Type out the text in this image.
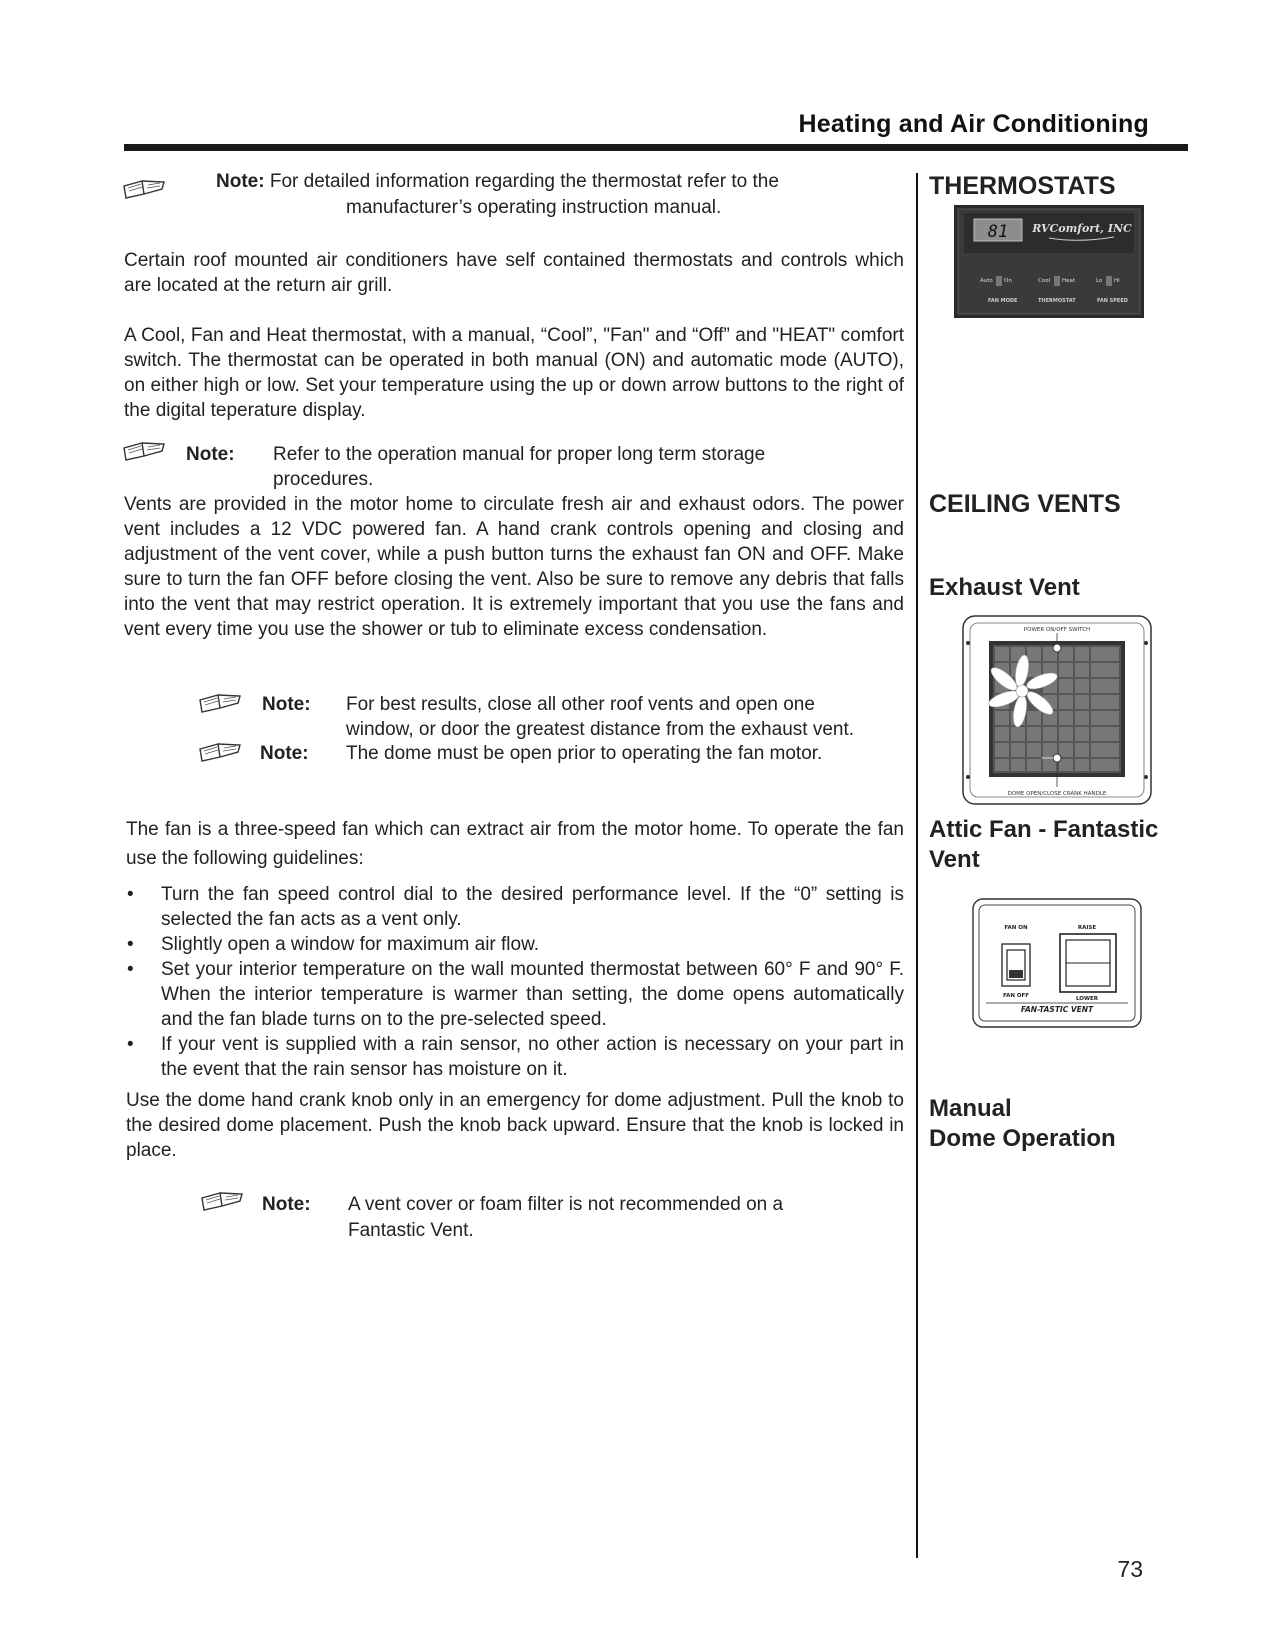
Heating and Air Conditioning
Note: For detailed information regarding the thermostat refer to the
manufacturer’s operating instruction manual.
Certain roof mounted air conditioners have self contained thermostats and controls which are located at the return air grill.
A Cool, Fan and Heat thermostat, with a manual, “Cool”, "Fan" and “Off” and "HEAT" comfort switch. The thermostat can be operated in both manual (ON) and automatic mode (AUTO), on either high or low. Set your temperature using the up or down arrow buttons to the right of the digital teperature display.
Note: Refer to the operation manual for proper long term storage
procedures.
Vents are provided in the motor home to circulate fresh air and exhaust odors. The power vent includes a 12 VDC powered fan. A hand crank controls opening and closing and adjustment of the vent cover, while a push button turns the exhaust fan ON and OFF. Make sure to turn the fan OFF before closing the vent. Also be sure to remove any debris that falls into the vent that may restrict operation. It is extremely important that you use the fans and vent every time you use the shower or tub to eliminate excess condensation.
Note: For best results, close all other roof vents and open one
window, or door the greatest distance from the exhaust vent.
Note: The dome must be open prior to operating the fan motor.
The fan is a three-speed fan which can extract air from the motor home. To operate the fan use the following guidelines:
• Turn the fan speed control dial to the desired performance level. If the “0” setting is selected the fan acts as a vent only.
• Slightly open a window for maximum air flow.
• Set your interior temperature on the wall mounted thermostat between 60° F and 90° F. When the interior temperature is warmer than setting, the dome opens automatically and the fan blade turns on to the pre-selected speed.
• If your vent is supplied with a rain sensor, no other action is necessary on your part in the event that the rain sensor has moisture on it.
Use the dome hand crank knob only in an emergency for dome adjustment. Pull the knob to the desired dome placement. Push the knob back upward. Ensure that the knob is locked in place.
Note: A vent cover or foam filter is not recommended on a
Fantastic Vent.
THERMOSTATS
CEILING VENTS
Exhaust Vent
Attic Fan - Fantastic
Vent
Manual
Dome Operation
81 RVComfort, INC
Auto On	Cool Heat	Lo Hi
FAN MODE	THERMOSTAT	FAN SPEED
POWER ON/OFF SWITCH
DOME OPEN/CLOSE CRANK HANDLE
FAN ON
FAN OFF
RAISE
LOWER
FAN-TASTIC VENT
73
